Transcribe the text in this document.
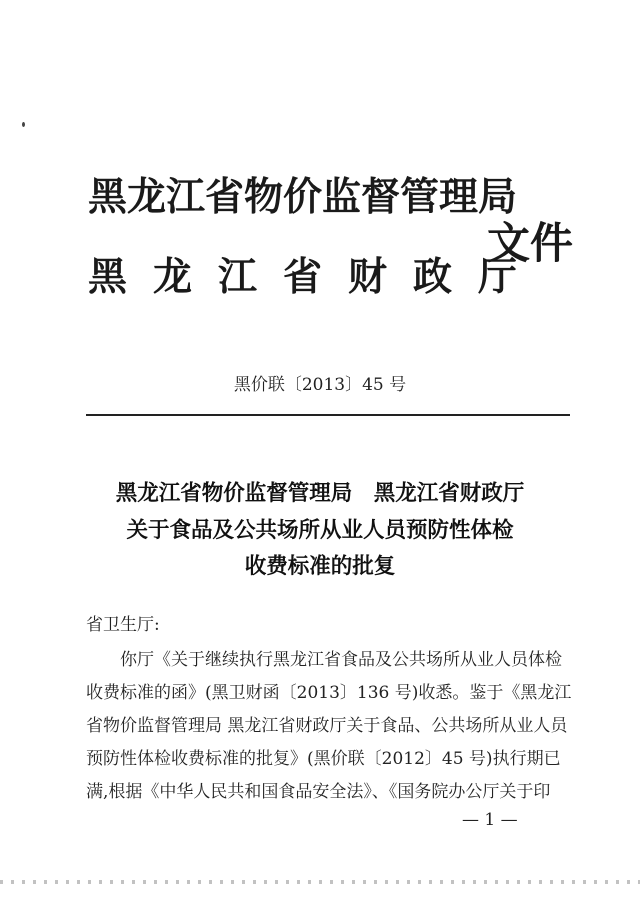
黑龙江省物价监督管理局
黑龙江省财政厅
文件
黑价联〔2013〕45 号
黑龙江省物价监督管理局　黑龙江省财政厅
关于食品及公共场所从业人员预防性体检
收费标准的批复
省卫生厅:
你厅《关于继续执行黑龙江省食品及公共场所从业人员体检
收费标准的函》(黑卫财函〔2013〕136 号)收悉。鉴于《黑龙江
省物价监督管理局 黑龙江省财政厅关于食品、公共场所从业人员
预防性体检收费标准的批复》(黑价联〔2012〕45 号)执行期已
满,根据《中华人民共和国食品安全法》、《国务院办公厅关于印
— 1 —
